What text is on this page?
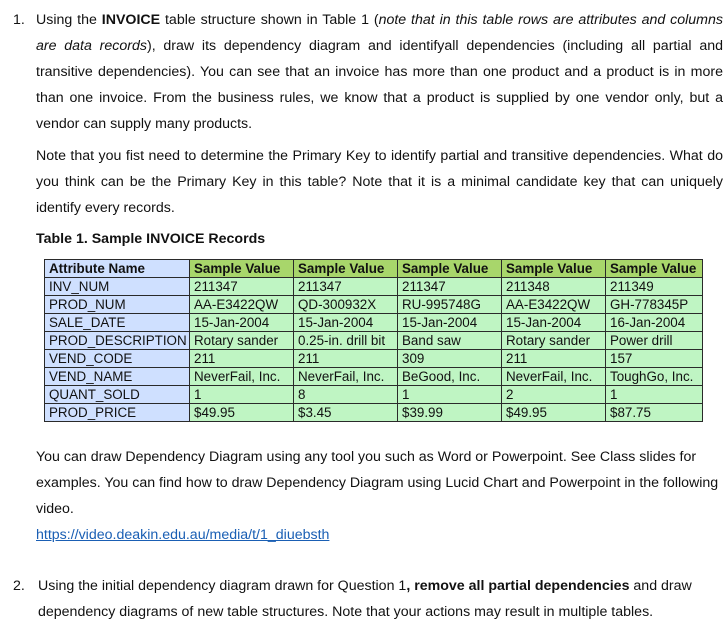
1. Using the INVOICE table structure shown in Table 1 (note that in this table rows are attributes and columns are data records), draw its dependency diagram and identifyall dependencies (including all partial and transitive dependencies). You can see that an invoice has more than one product and a product is in more than one invoice. From the business rules, we know that a product is supplied by one vendor only, but a vendor can supply many products.

Note that you fist need to determine the Primary Key to identify partial and transitive dependencies. What do you think can be the Primary Key in this table? Note that it is a minimal candidate key that can uniquely identify every records.

Table 1. Sample INVOICE Records

Attribute Name	Sample Value	Sample Value	Sample Value	Sample Value	Sample Value
INV_NUM	211347	211347	211347	211348	211349
PROD_NUM	AA-E3422QW	QD-300932X	RU-995748G	AA-E3422QW	GH-778345P
SALE_DATE	15-Jan-2004	15-Jan-2004	15-Jan-2004	15-Jan-2004	16-Jan-2004
PROD_DESCRIPTION	Rotary sander	0.25-in. drill bit	Band saw	Rotary sander	Power drill
VEND_CODE	211	211	309	211	157
VEND_NAME	NeverFail, Inc.	NeverFail, Inc.	BeGood, Inc.	NeverFail, Inc.	ToughGo, Inc.
QUANT_SOLD	1	8	1	2	1
PROD_PRICE	$49.95	$3.45	$39.99	$49.95	$87.75

You can draw Dependency Diagram using any tool you such as Word or Powerpoint. See Class slides for examples. You can find how to draw Dependency Diagram using Lucid Chart and Powerpoint in the following video.

https://video.deakin.edu.au/media/t/1_diuebsth

2. Using the initial dependency diagram drawn for Question 1, remove all partial dependencies and draw dependency diagrams of new table structures. Note that your actions may result in multiple tables.
